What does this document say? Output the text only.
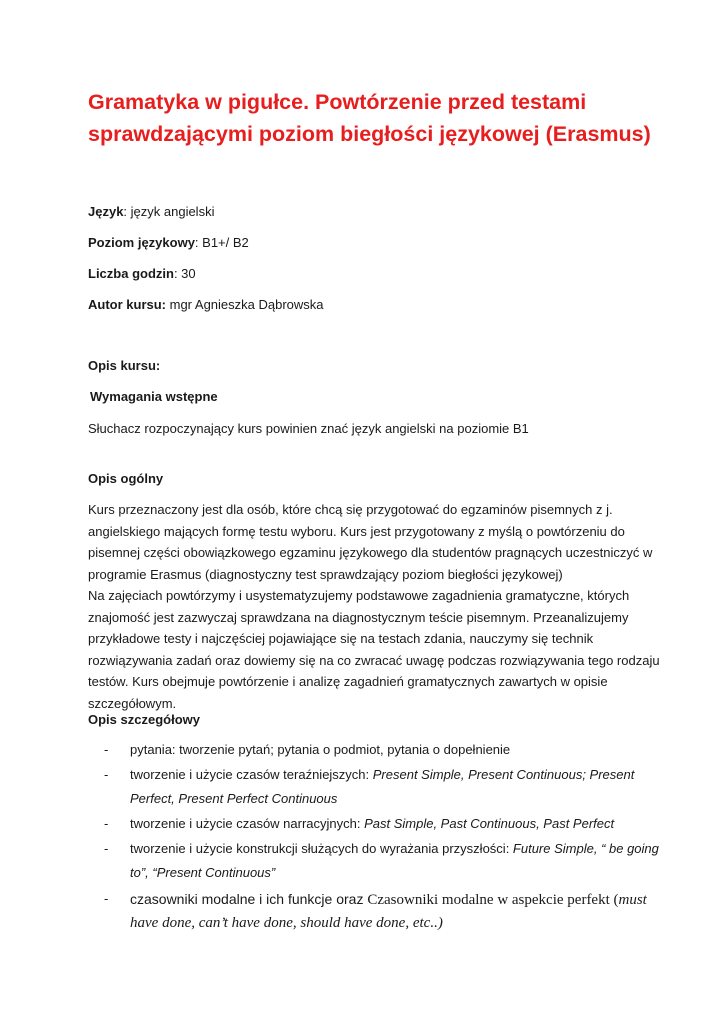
Gramatyka w pigułce. Powtórzenie przed testami
sprawdzającymi poziom biegłości językowej (Erasmus)
Język: język angielski
Poziom językowy: B1+/ B2
Liczba godzin: 30
Autor kursu: mgr Agnieszka Dąbrowska
Opis kursu:
Wymagania wstępne
Słuchacz rozpoczynający kurs powinien znać język angielski na poziomie B1
Opis ogólny
Kurs przeznaczony jest dla osób, które chcą się przygotować do egzaminów pisemnych z j.
angielskiego mających formę testu wyboru. Kurs jest przygotowany z myślą o powtórzeniu do
pisemnej części obowiązkowego egzaminu językowego dla studentów pragnących uczestniczyć w
programie Erasmus (diagnostyczny test sprawdzający poziom biegłości językowej)
Na zajęciach powtórzymy i usystematyzujemy podstawowe zagadnienia gramatyczne, których
znajomość jest zazwyczaj sprawdzana na diagnostycznym teście pisemnym. Przeanalizujemy
przykładowe testy i najczęściej pojawiające się na testach zdania, nauczymy się technik
rozwiązywania zadań oraz dowiemy się na co zwracać uwagę podczas rozwiązywania tego rodzaju
testów. Kurs obejmuje powtórzenie i analizę zagadnień gramatycznych zawartych w opisie
szczegółowym.
Opis szczegółowy
- pytania: tworzenie pytań; pytania o podmiot, pytania o dopełnienie
- tworzenie i użycie czasów teraźniejszych: Present Simple, Present Continuous; Present
Perfect, Present Perfect Continuous
- tworzenie i użycie czasów narracyjnych: Past Simple, Past Continuous, Past Perfect
- tworzenie i użycie konstrukcji służących do wyrażania przyszłości: Future Simple, “ be going
to”, “Present Continuous”
- czasowniki modalne i ich funkcje oraz Czasowniki modalne w aspekcie perfekt (must
have done, can’t have done, should have done, etc..)
